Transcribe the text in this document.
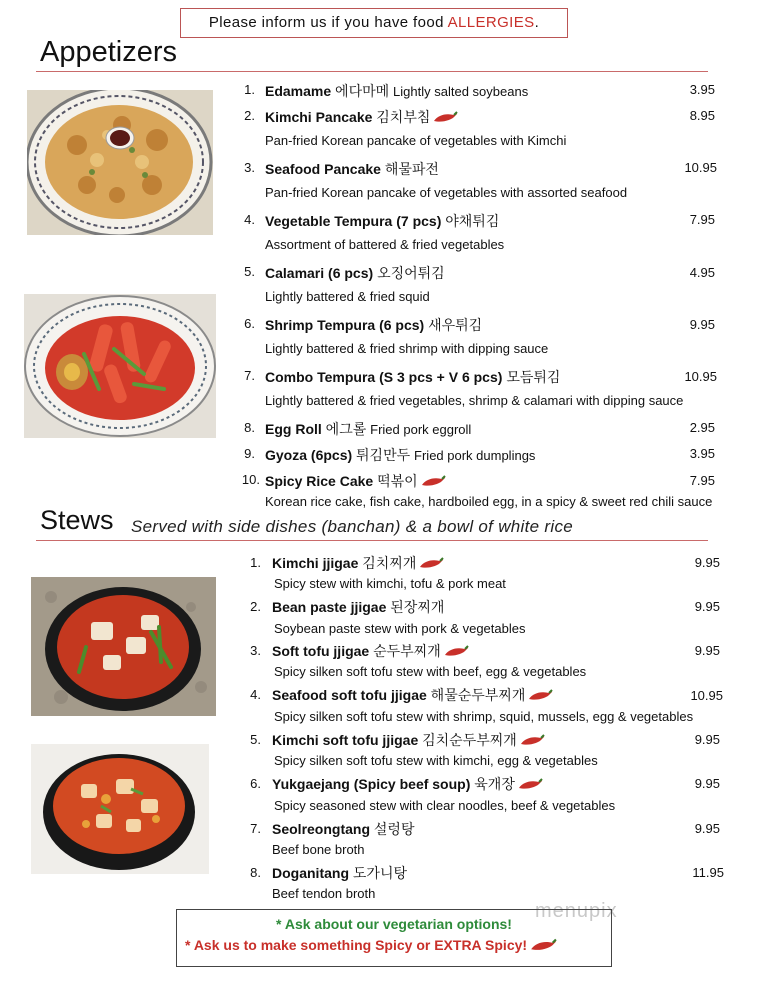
Please inform us if you have food ALLERGIES.
Appetizers
1. Edamame 에다마메 Lightly salted soybeans	3.95
2. Kimchi Pancake 김치부침	8.95
Pan-fried Korean pancake of vegetables with Kimchi
3. Seafood Pancake 해물파전	10.95
Pan-fried Korean pancake of vegetables with assorted seafood
4. Vegetable Tempura (7 pcs) 야채튀김	7.95
Assortment of battered & fried vegetables
5. Calamari (6 pcs) 오징어튀김	4.95
Lightly battered & fried squid
6. Shrimp Tempura (6 pcs) 새우튀김	9.95
Lightly battered & fried shrimp with dipping sauce
7. Combo Tempura (S 3 pcs + V 6 pcs) 모듬튀김	10.95
Lightly battered & fried vegetables, shrimp & calamari with dipping sauce
8. Egg Roll 에그롤 Fried pork eggroll	2.95
9. Gyoza (6pcs) 튀김만두 Fried pork dumplings	3.95
10. Spicy Rice Cake 떡볶이	7.95
Korean rice cake, fish cake, hardboiled egg, in a spicy & sweet red chili sauce
Stews Served with side dishes (banchan) & a bowl of white rice
1. Kimchi jjigae 김치찌개	9.95
Spicy stew with kimchi, tofu & pork meat
2. Bean paste jjigae 된장찌개	9.95
Soybean paste stew with pork & vegetables
3. Soft tofu jjigae 순두부찌개	9.95
Spicy silken soft tofu stew with beef, egg & vegetables
4. Seafood soft tofu jjigae 해물순두부찌개	10.95
Spicy silken soft tofu stew with shrimp, squid, mussels, egg & vegetables
5. Kimchi soft tofu jjigae 김치순두부찌개	9.95
Spicy silken soft tofu stew with kimchi, egg & vegetables
6. Yukgaejang (Spicy beef soup) 육개장	9.95
Spicy seasoned stew with clear noodles, beef & vegetables
7. Seolreongtang 설렁탕	9.95
Beef bone broth
8. Doganitang 도가니탕	11.95
Beef tendon broth
menupix
* Ask about our vegetarian options!
* Ask us to make something Spicy or EXTRA Spicy!
